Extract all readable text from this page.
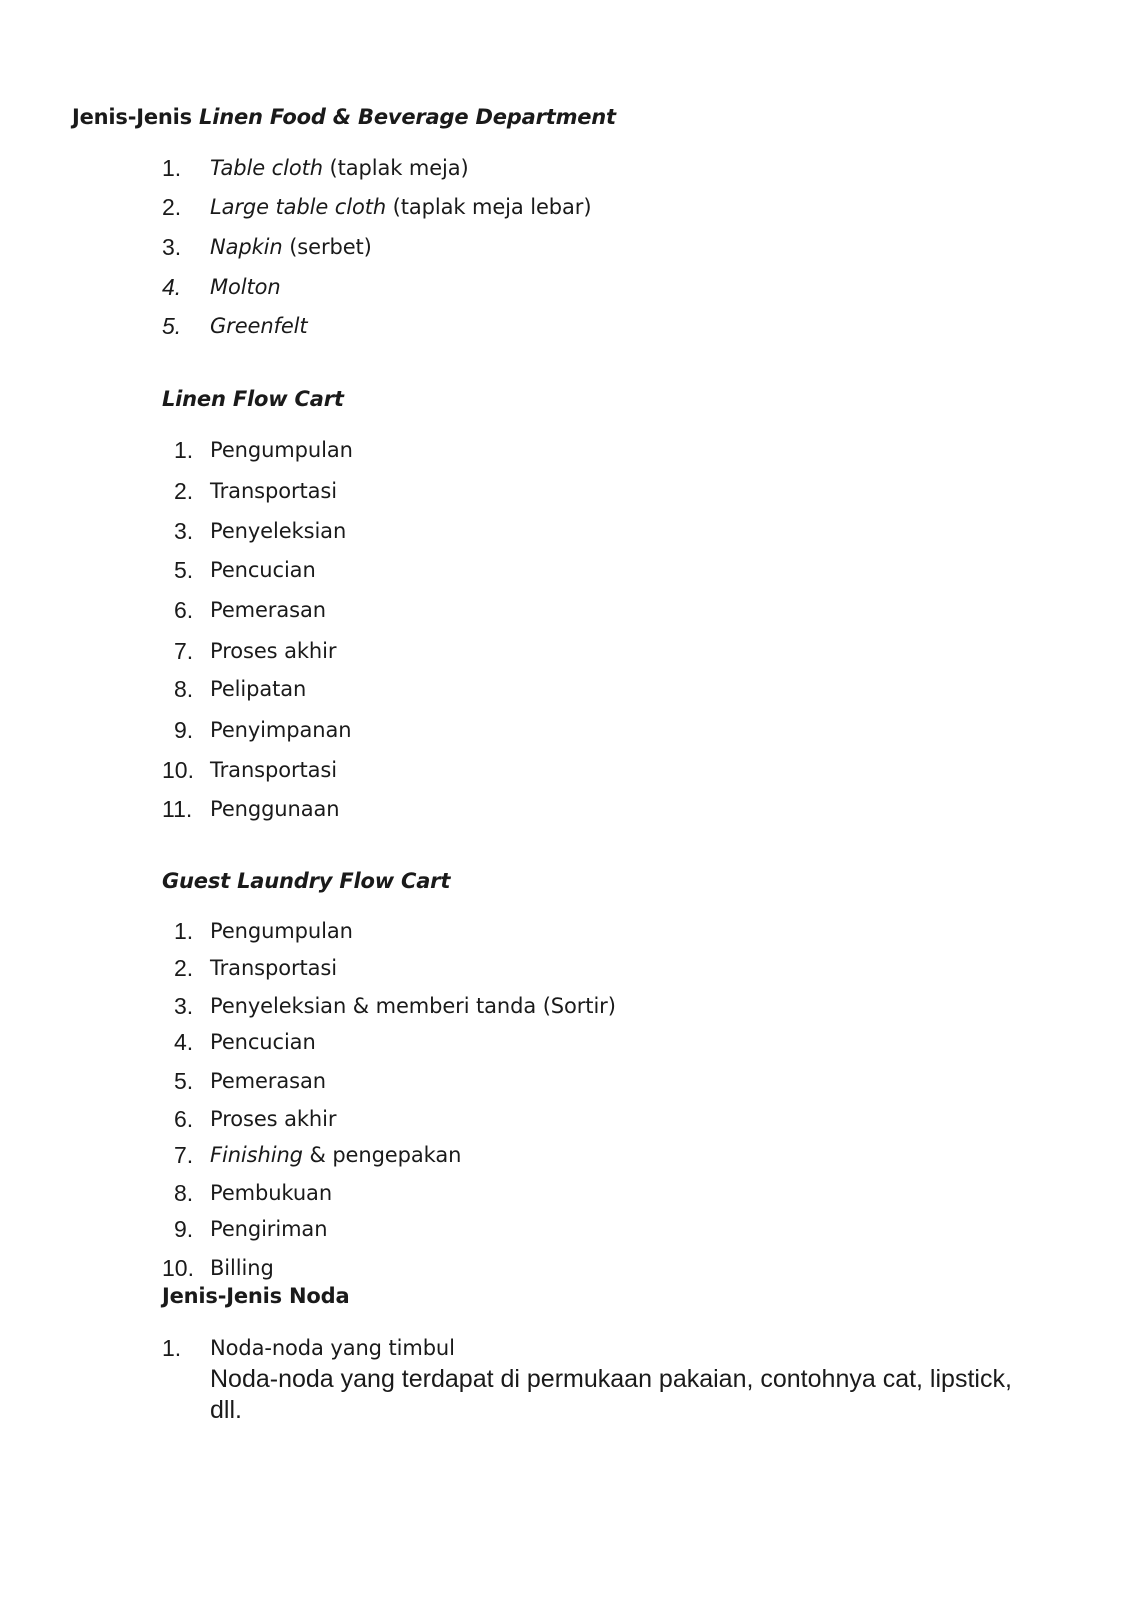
Jenis-Jenis Linen Food & Beverage Department
1. Table cloth (taplak meja)
2. Large table cloth (taplak meja lebar)
3. Napkin (serbet)
4. Molton
5. Greenfelt
Linen Flow Cart
1. Pengumpulan
2. Transportasi
3. Penyeleksian
5. Pencucian
6. Pemerasan
7. Proses akhir
8. Pelipatan
9. Penyimpanan
10. Transportasi
11. Penggunaan
Guest Laundry Flow Cart
1. Pengumpulan
2. Transportasi
3. Penyeleksian & memberi tanda (Sortir)
4. Pencucian
5. Pemerasan
6. Proses akhir
7. Finishing & pengepakan
8. Pembukuan
9. Pengiriman
10. Billing
Jenis-Jenis Noda
1. Noda-noda yang timbul
Noda-noda yang terdapat di permukaan pakaian, contohnya cat, lipstick, dll.
